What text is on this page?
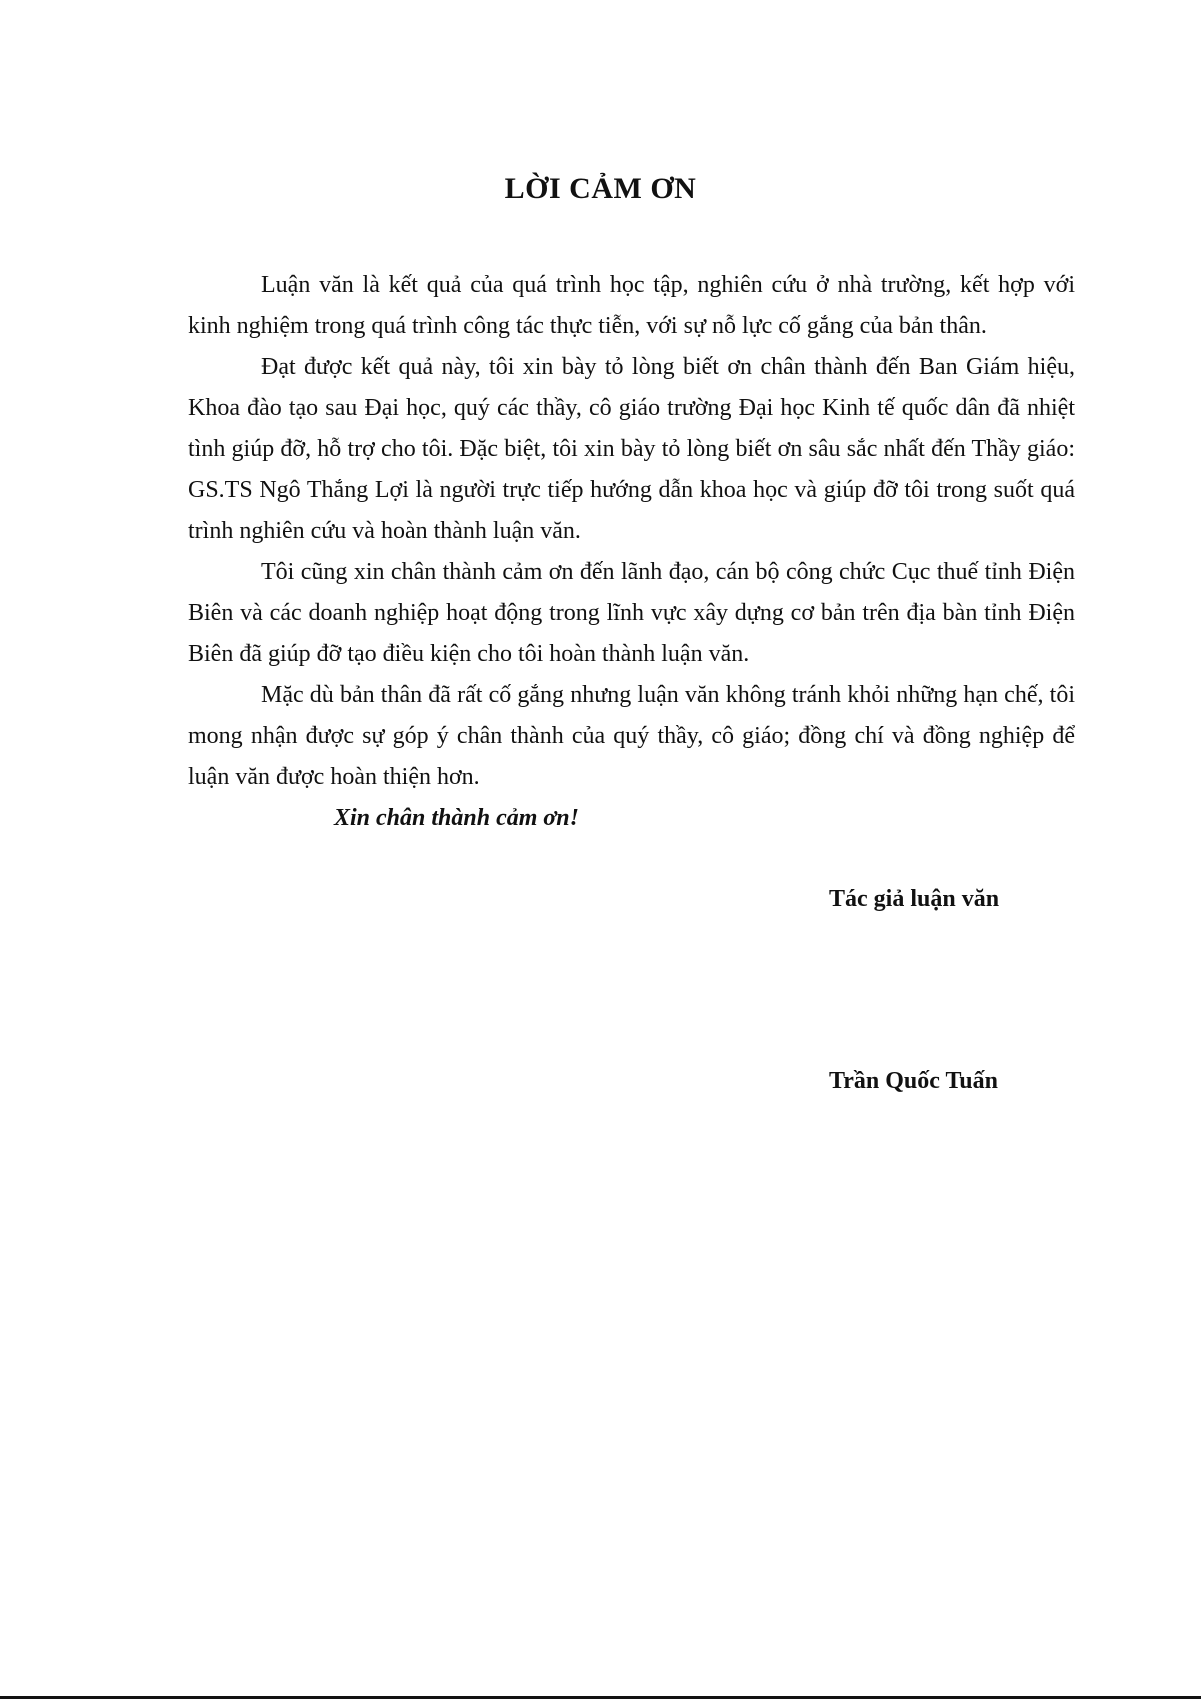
LỜI CẢM ƠN

Luận văn là kết quả của quá trình học tập, nghiên cứu ở nhà trường, kết hợp với kinh nghiệm trong quá trình công tác thực tiễn, với sự nỗ lực cố gắng của bản thân.

Đạt được kết quả này, tôi xin bày tỏ lòng biết ơn chân thành đến Ban Giám hiệu, Khoa đào tạo sau Đại học, quý các thầy, cô giáo trường Đại học Kinh tế quốc dân đã nhiệt tình giúp đỡ, hỗ trợ cho tôi. Đặc biệt, tôi xin bày tỏ lòng biết ơn sâu sắc nhất đến Thầy giáo: GS.TS Ngô Thắng Lợi là người trực tiếp hướng dẫn khoa học và giúp đỡ tôi trong suốt quá trình nghiên cứu và hoàn thành luận văn.

Tôi cũng xin chân thành cảm ơn đến lãnh đạo, cán bộ công chức Cục thuế tỉnh Điện Biên và các doanh nghiệp hoạt động trong lĩnh vực xây dựng cơ bản trên địa bàn tỉnh Điện Biên đã giúp đỡ tạo điều kiện cho tôi hoàn thành luận văn.

Mặc dù bản thân đã rất cố gắng nhưng luận văn không tránh khỏi những hạn chế, tôi mong nhận được sự góp ý chân thành của quý thầy, cô giáo; đồng chí và đồng nghiệp để luận văn được hoàn thiện hơn.

Xin chân thành cảm ơn!

Tác giả luận văn
Trần Quốc Tuấn
